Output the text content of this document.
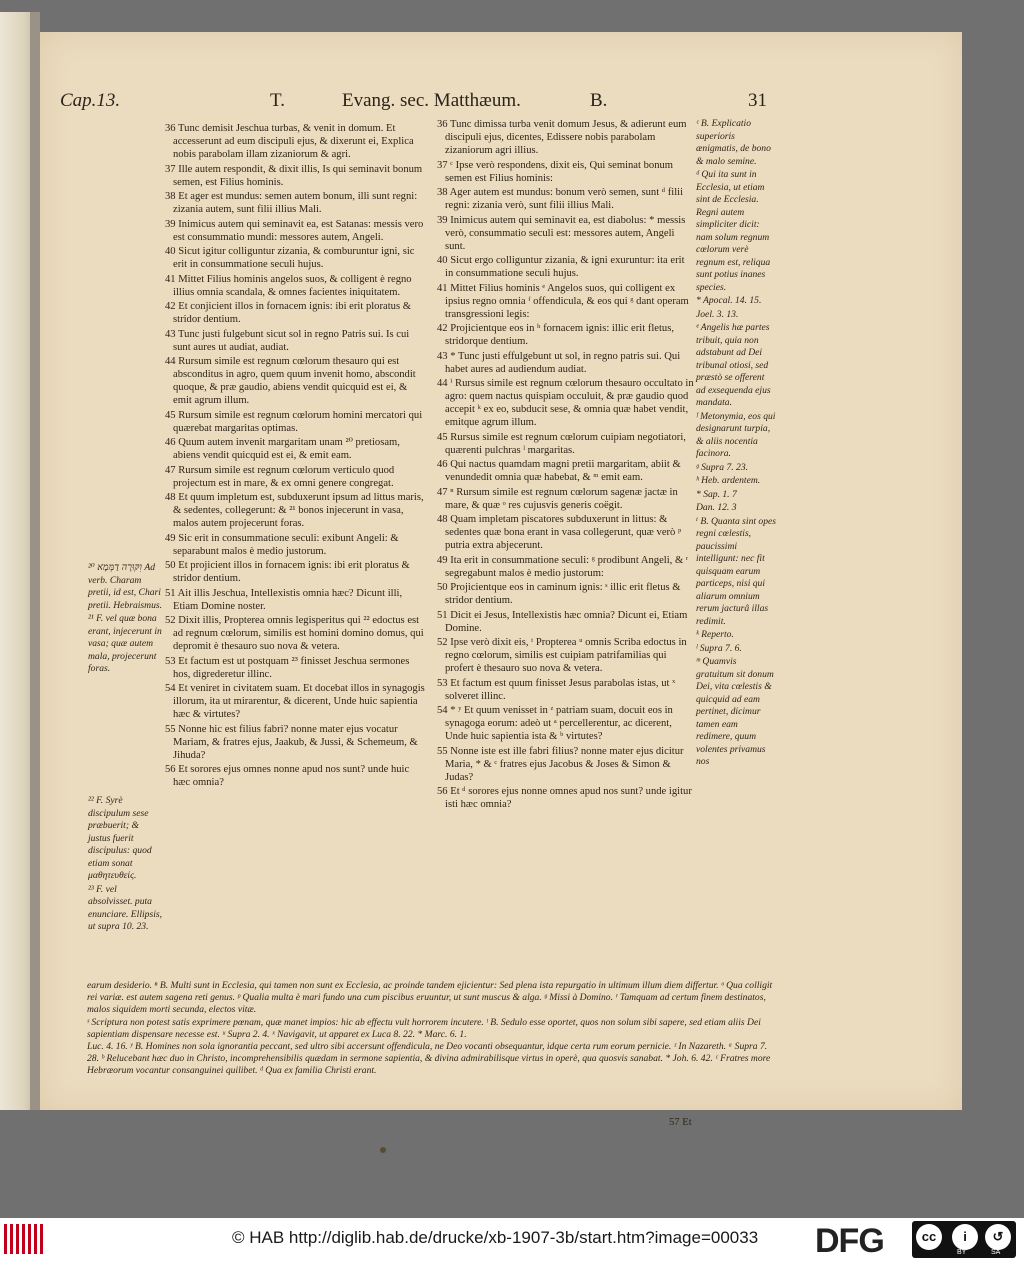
Cap.13.	T.	Evang. sec. Matthæum.	B.	31

²⁰ וִקּוּרָה דַמְּמָא Ad verb. Charam pretii, id est, Chari pretii. Hebraismus.

²¹ F. vel quæ bona erant, injecerunt in vasa; quæ autem mala, projecerunt foras.

²² F. Syrè discipulum sese præbuerit; & justus fuerit discipulus: quod etiam sonat μαθητευθείς.

²³ F. vel absolvisset. puta enunciare. Ellipsis, ut supra 10. 23.

36 Tunc demisit Jeschua turbas, & venit in domum. Et accesserunt ad eum discipuli ejus, & dixerunt ei, Explica nobis parabolam illam zizaniorum & agri.

37 Ille autem respondit, & dixit illis, Is qui seminavit bonum semen, est Filius hominis.

38 Et ager est mundus: semen autem bonum, illi sunt regni: zizania autem, sunt filii illius Mali.

39 Inimicus autem qui seminavit ea, est Satanas: messis vero est consummatio mundi: messores autem, Angeli.

40 Sicut igitur colliguntur zizania, & comburuntur igni, sic erit in consummatione seculi hujus.

41 Mittet Filius hominis angelos suos, & colligent è regno illius omnia scandala, & omnes facientes iniquitatem.

42 Et conjicient illos in fornacem ignis: ibi erit ploratus & stridor dentium.

43 Tunc justi fulgebunt sicut sol in regno Patris sui. Is cui sunt aures ut audiat, audiat.

44 Rursum simile est regnum cœlorum thesauro qui est absconditus in agro, quem quum invenit homo, abscondit quoque, & præ gaudio, abiens vendit quicquid est ei, & emit agrum illum.

45 Rursum simile est regnum cœlorum homini mercatori qui quærebat margaritas optimas.

46 Quum autem invenit margaritam unam ²⁰ pretiosam, abiens vendit quicquid est ei, & emit eam.

47 Rursum simile est regnum cœlorum verticulo quod projectum est in mare, & ex omni genere congregat.

48 Et quum impletum est, subduxerunt ipsum ad littus maris, & sedentes, collegerunt: & ²¹ bonos injecerunt in vasa, malos autem projecerunt foras.

49 Sic erit in consummatione seculi: exibunt Angeli: & separabunt malos è medio justorum.

50 Et projicient illos in fornacem ignis: ibi erit ploratus & stridor dentium.

51 Ait illis Jeschua, Intellexistis omnia hæc? Dicunt illi, Etiam Domine noster.

52 Dixit illis, Propterea omnis legisperitus qui ²² edoctus est ad regnum cœlorum, similis est homini domino domus, qui depromit è thesauro suo nova & vetera.

53 Et factum est ut postquam ²³ finisset Jeschua sermones hos, digrederetur illinc.

54 Et veniret in civitatem suam. Et docebat illos in synagogis illorum, ita ut mirarentur, & dicerent, Unde huic sapientia hæc & virtutes?

55 Nonne hic est filius fabri? nonne mater ejus vocatur Mariam, & fratres ejus, Jaakub, & Jussi, & Schemeum, & Jihuda?

56 Et sorores ejus omnes nonne apud nos sunt? unde huic hæc omnia?

36 Tunc dimissa turba venit domum Jesus, & adierunt eum discipuli ejus, dicentes, Edissere nobis parabolam zizaniorum agri illius.

37 ᶜ Ipse verò respondens, dixit eis, Qui seminat bonum semen est Filius hominis:

38 Ager autem est mundus: bonum verò semen, sunt ᵈ filii regni: zizania verò, sunt filii illius Mali.

39 Inimicus autem qui seminavit ea, est diabolus: * messis verò, consummatio seculi est: messores autem, Angeli sunt.

40 Sicut ergo colliguntur zizania, & igni exuruntur: ita erit in consummatione seculi hujus.

41 Mittet Filius hominis ᵉ Angelos suos, qui colligent ex ipsius regno omnia ᶠ offendicula, & eos qui ᵍ dant operam transgressioni legis:

42 Projicientque eos in ʰ fornacem ignis: illic erit fletus, stridorque dentium.

43 * Tunc justi effulgebunt ut sol, in regno patris sui. Qui habet aures ad audiendum audiat.

44 ⁱ Rursus simile est regnum cœlorum thesauro occultato in agro: quem nactus quispiam occuluit, & præ gaudio quod accepit ᵏ ex eo, subducit sese, & omnia quæ habet vendit, emitque agrum illum.

45 Rursus simile est regnum cœlorum cuipiam negotiatori, quærenti pulchras ˡ margaritas.

46 Qui nactus quamdam magni pretii margaritam, abiit & venundedit omnia quæ habebat, & ᵐ emit eam.

47 ⁿ Rursum simile est regnum cœlorum sagenæ jactæ in mare, & quæ ᵒ res cujusvis generis coëgit.

48 Quam impletam piscatores subduxerunt in littus: & sedentes quæ bona erant in vasa collegerunt, quæ verò ᵖ putria extra abjecerunt.

49 Ita erit in consummatione seculi: ᵍ prodibunt Angeli, & ʳ segregabunt malos è medio justorum:

50 Projicientque eos in caminum ignis: ˢ illic erit fletus & stridor dentium.

51 Dicit ei Jesus, Intellexistis hæc omnia? Dicunt ei, Etiam Domine.

52 Ipse verò dixit eis, ᵗ Propterea ᵘ omnis Scriba edoctus in regno cœlorum, similis est cuipiam patrifamilias qui profert è thesauro suo nova & vetera.

53 Et factum est quum finisset Jesus parabolas istas, ut ˣ solveret illinc.

54 * ʸ Et quum venisset in ᶻ patriam suam, docuit eos in synagoga eorum: adeò ut ᵃ percellerentur, ac dicerent, Unde huic sapientia ista & ᵇ virtutes?

55 Nonne iste est ille fabri filius? nonne mater ejus dicitur Maria, * & ᶜ fratres ejus Jacobus & Joses & Simon & Judas?

56 Et ᵈ sorores ejus nonne omnes apud nos sunt? unde igitur isti hæc omnia?

ᶜ B. Explicatio superioris ænigmatis, de bono & malo semine.

ᵈ Qui ita sunt in Ecclesia, ut etiam sint de Ecclesia. Regni autem simpliciter dicit: nam solum regnum cœlorum verè regnum est, reliqua sunt potius inanes species.

* Apocal. 14. 15.

Joel. 3. 13.

ᵉ Angelis hæ partes tribuit, quia non adstabunt ad Dei tribunal otiosi, sed præstò se offerent ad exsequenda ejus mandata.

ᶠ Metonymia, eos qui designarunt turpia, & aliis nocentia facinora.

ᵍ Supra 7. 23.

ʰ Heb. ardentem.

* Sap. 1. 7

Dan. 12. 3

ⁱ B. Quanta sint opes regni cœlestis, paucissimi intelligunt: nec fit quisquam earum particeps, nisi qui aliarum omnium rerum jacturâ illas redimit.

ᵏ Reperto.

ˡ Supra 7. 6.

ᵐ Quamvis gratuitum sit donum Dei, vita cœlestis & quicquid ad eam pertinet, dicimur tamen eam redimere, quum volentes privamus nos

earum desiderio. ⁿ B. Multi sunt in Ecclesia, qui tamen non sunt ex Ecclesia, ac proinde tandem ejicientur: Sed plena ista repurgatio in ultimum illum diem differtur. ᵒ Qua colligit rei variæ. est autem sagena reti genus. ᵖ Qualia multa è mari fundo una cum piscibus eruuntur, ut sunt muscus & alga. ᵍ Missi à Domino. ʳ Tamquam ad certum finem destinatos, malos siquidem morti secunda, electos vitæ.

ˢ Scriptura non potest satis exprimere pœnam, quæ manet impios: hic ab effectu vult horrorem incutere. ᵗ B. Sedulo esse oportet, quos non solum sibi sapere, sed etiam aliis Dei sapientiam dispensare necesse est. ᵘ Supra 2. 4. ˣ Navigavit, ut apparet ex Luca 8. 22. * Marc. 6. 1.

Luc. 4. 16. ʸ B. Homines non sola ignorantia peccant, sed ultro sibi accersunt offendicula, ne Deo vocanti obsequantur, idque certa rum eorum pernicie. ᶻ In Nazareth. ᵃ Supra 7. 28. ᵇ Relucebant hæc duo in Christo, incomprehensibilis quædam in sermone sapientia, & divina admirabilisque virtus in operè, qua quosvis sanabat. * Joh. 6. 42. ᶜ Fratres more Hebræorum vocantur consanguinei quilibet. ᵈ Qua ex familia Christi erant.

57 Et
© HAB http://diglib.hab.de/drucke/xb-1907-3b/start.htm?image=00033 DFG	cc	i	↺
BY	SA
